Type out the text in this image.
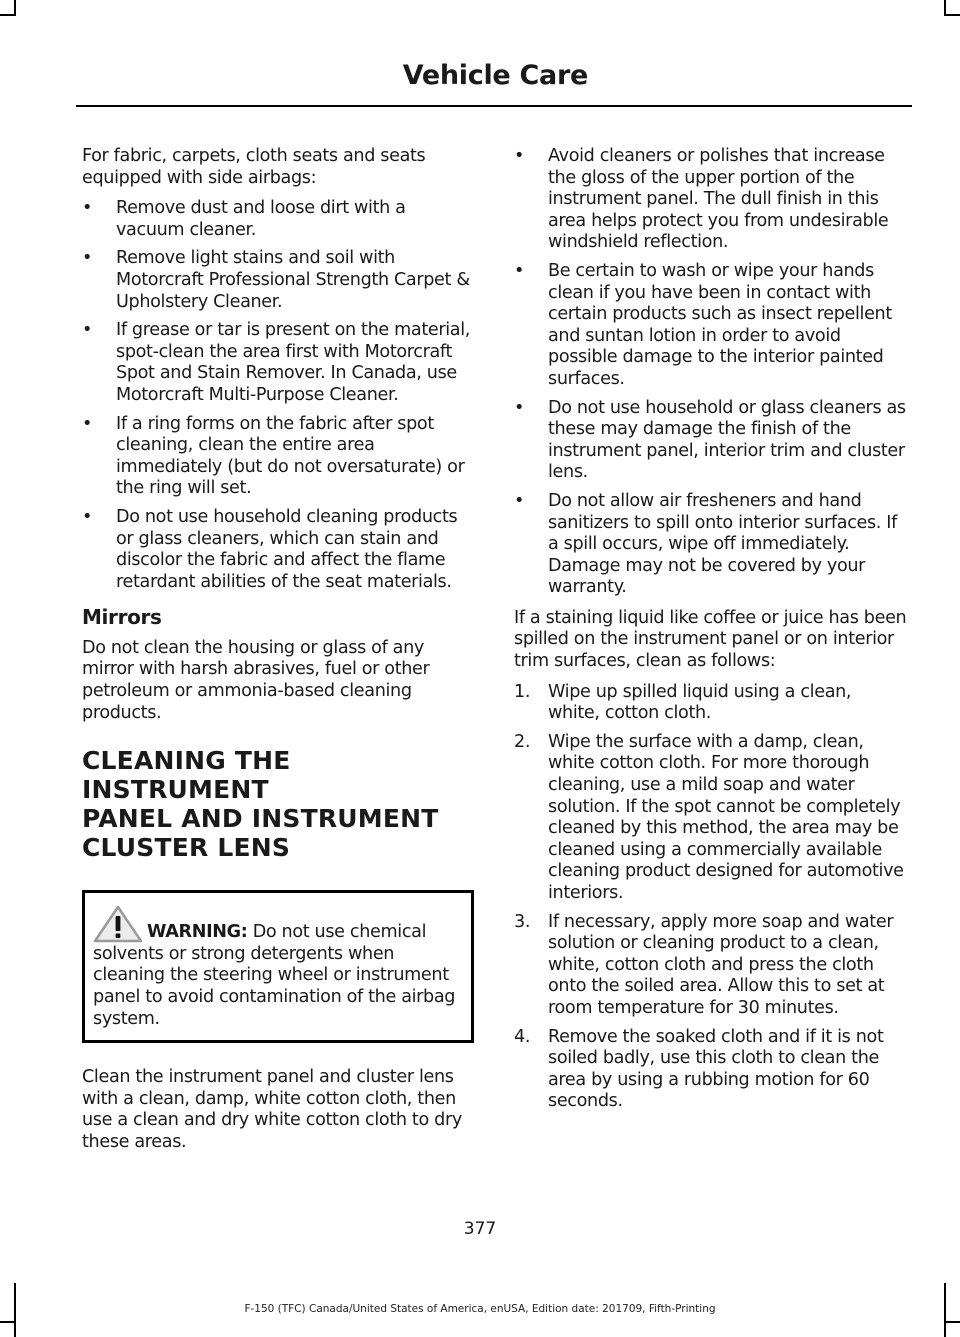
Vehicle Care

For fabric, carpets, cloth seats and seats equipped with side airbags:

•	Remove dust and loose dirt with a vacuum cleaner.
•	Remove light stains and soil with Motorcraft Professional Strength Carpet & Upholstery Cleaner.
•	If grease or tar is present on the material, spot-clean the area first with Motorcraft Spot and Stain Remover. In Canada, use Motorcraft Multi-Purpose Cleaner.
•	If a ring forms on the fabric after spot cleaning, clean the entire area immediately (but do not oversaturate) or the ring will set.
•	Do not use household cleaning products or glass cleaners, which can stain and discolor the fabric and affect the flame retardant abilities of the seat materials.
Mirrors

Do not clean the housing or glass of any mirror with harsh abrasives, fuel or other petroleum or ammonia-based cleaning products.

CLEANING THE INSTRUMENT
PANEL AND INSTRUMENT
CLUSTER LENS
WARNING: Do not use chemical solvents or strong detergents when cleaning the steering wheel or instrument panel to avoid contamination of the airbag system.

Clean the instrument panel and cluster lens with a clean, damp, white cotton cloth, then use a clean and dry white cotton cloth to dry these areas.

•	Avoid cleaners or polishes that increase the gloss of the upper portion of the instrument panel. The dull finish in this area helps protect you from undesirable windshield reflection.
•	Be certain to wash or wipe your hands clean if you have been in contact with certain products such as insect repellent and suntan lotion in order to avoid possible damage to the interior painted surfaces.
•	Do not use household or glass cleaners as these may damage the finish of the instrument panel, interior trim and cluster lens.
•	Do not allow air fresheners and hand sanitizers to spill onto interior surfaces. If a spill occurs, wipe off immediately. Damage may not be covered by your warranty.

If a staining liquid like coffee or juice has been spilled on the instrument panel or on interior trim surfaces, clean as follows:

1.	Wipe up spilled liquid using a clean, white, cotton cloth.
2.	Wipe the surface with a damp, clean, white cotton cloth. For more thorough cleaning, use a mild soap and water solution. If the spot cannot be completely cleaned by this method, the area may be cleaned using a commercially available cleaning product designed for automotive interiors.
3.	If necessary, apply more soap and water solution or cleaning product to a clean, white, cotton cloth and press the cloth onto the soiled area. Allow this to set at room temperature for 30 minutes.
4.	Remove the soaked cloth and if it is not soiled badly, use this cloth to clean the area by using a rubbing motion for 60 seconds.
377
F-150 (TFC) Canada/United States of America, enUSA, Edition date: 201709, Fifth-Printing
